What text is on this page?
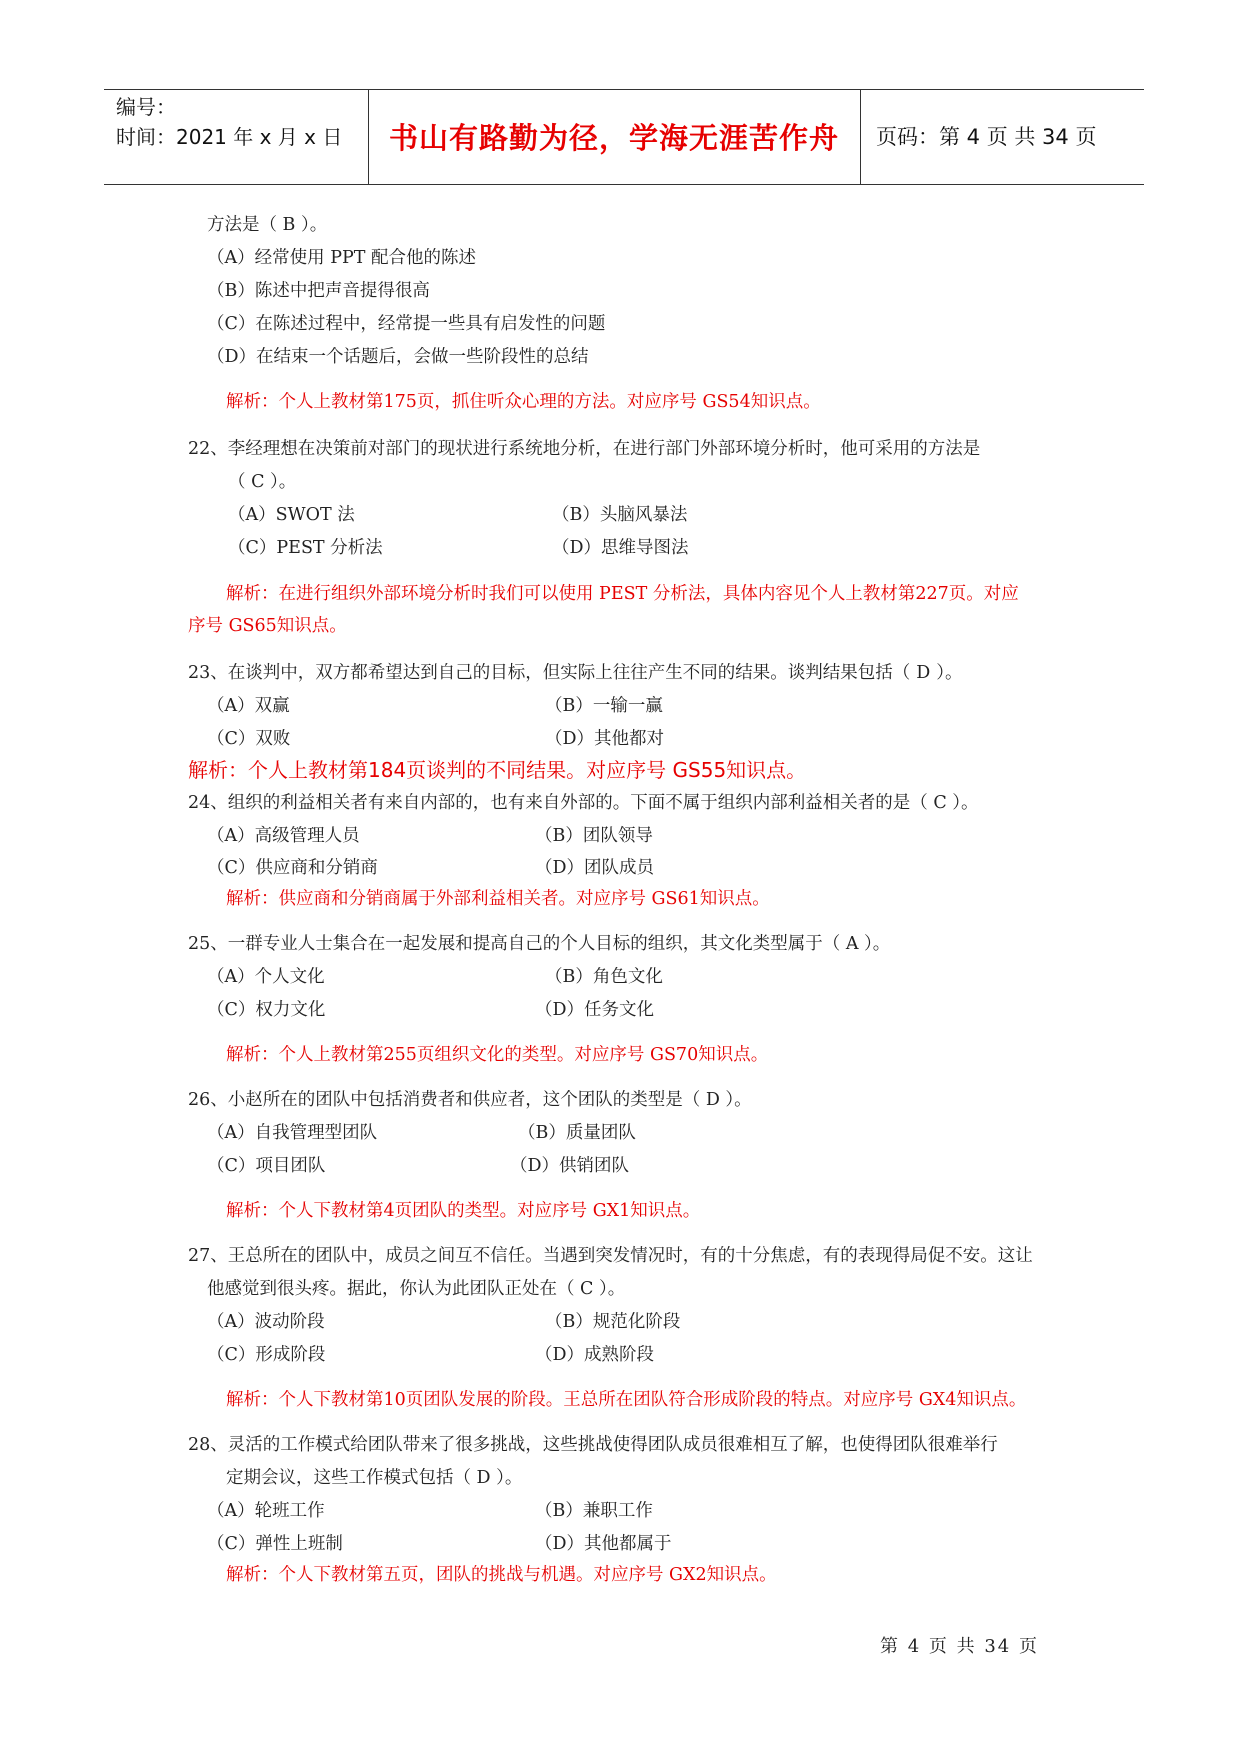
编号：
时间：2021 年 x 月 x 日	书山有路勤为径，学海无涯苦作舟	页码：第 4 页 共 34 页
方法是（ B ）。
（A）经常使用 PPT 配合他的陈述
（B）陈述中把声音提得很高
（C）在陈述过程中，经常提一些具有启发性的问题
（D）在结束一个话题后，会做一些阶段性的总结
解析：个人上教材第175页，抓住听众心理的方法。对应序号 GS54知识点。
22、李经理想在决策前对部门的现状进行系统地分析，在进行部门外部环境分析时，他可采用的方法是
（ C ）。
（A）SWOT 法	（B）头脑风暴法
（C）PEST 分析法	（D）思维导图法
解析：在进行组织外部环境分析时我们可以使用 PEST 分析法，具体内容见个人上教材第227页。对应
序号 GS65知识点。
23、在谈判中，双方都希望达到自己的目标，但实际上往往产生不同的结果。谈判结果包括（ D ）。
（A）双赢	（B）一输一赢
（C）双败	（D）其他都对
解析：个人上教材第184页谈判的不同结果。对应序号 GS55知识点。
24、组织的利益相关者有来自内部的，也有来自外部的。下面不属于组织内部利益相关者的是（ C ）。
（A）高级管理人员	（B）团队领导
（C）供应商和分销商	（D）团队成员
解析：供应商和分销商属于外部利益相关者。对应序号 GS61知识点。
25、一群专业人士集合在一起发展和提高自己的个人目标的组织，其文化类型属于（ A ）。
（A）个人文化	（B）角色文化
（C）权力文化	（D）任务文化
解析：个人上教材第255页组织文化的类型。对应序号 GS70知识点。
26、小赵所在的团队中包括消费者和供应者，这个团队的类型是（ D ）。
（A）自我管理型团队	（B）质量团队
（C）项目团队	（D）供销团队
解析：个人下教材第4页团队的类型。对应序号 GX1知识点。
27、王总所在的团队中，成员之间互不信任。当遇到突发情况时，有的十分焦虑，有的表现得局促不安。这让
他感觉到很头疼。据此，你认为此团队正处在（ C ）。
（A）波动阶段	（B）规范化阶段
（C）形成阶段	（D）成熟阶段
解析：个人下教材第10页团队发展的阶段。王总所在团队符合形成阶段的特点。对应序号 GX4知识点。
28、灵活的工作模式给团队带来了很多挑战，这些挑战使得团队成员很难相互了解，也使得团队很难举行
定期会议，这些工作模式包括（ D ）。
（A）轮班工作	（B）兼职工作
（C）弹性上班制	（D）其他都属于
解析：个人下教材第五页，团队的挑战与机遇。对应序号 GX2知识点。
第 4 页 共 34 页
